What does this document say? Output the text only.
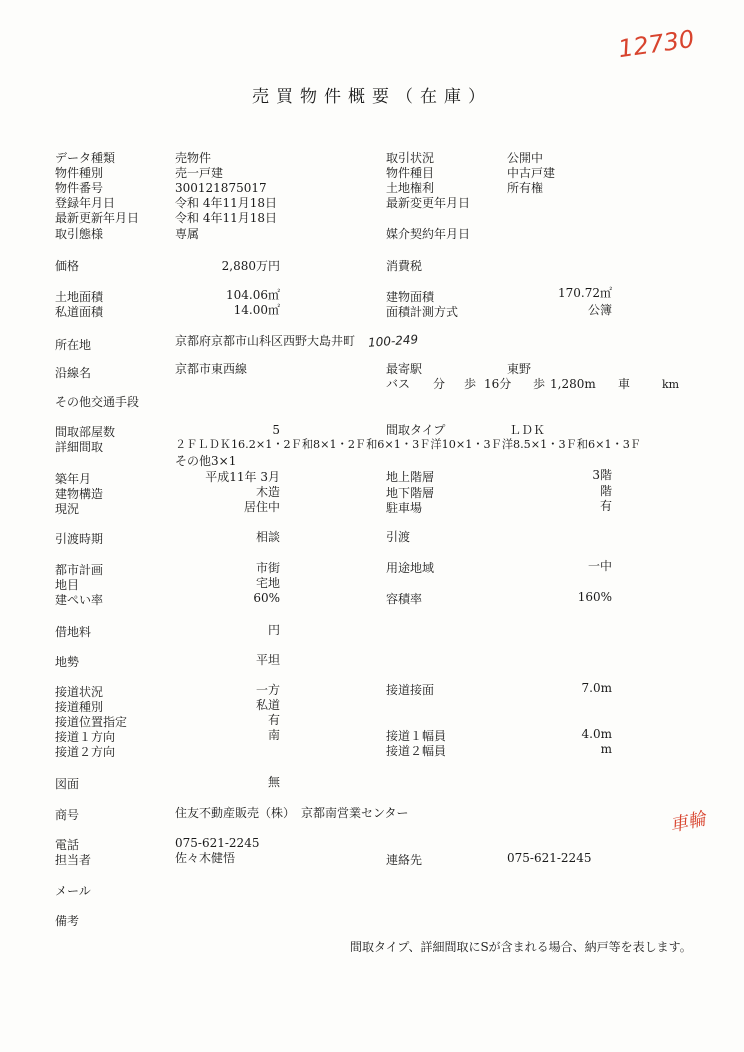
12730
車輪
売買物件概要（在庫）
データ種類	売物件
物件種別	売一戸建
物件番号	300121875017
登録年月日	令和 4年11月18日
最新更新年月日	令和 4年11月18日
取引態様	専属
取引状況	公開中
物件種目	中古戸建
土地権利	所有権
最新変更年月日
媒介契約年月日
価格	2,880万円	消費税
土地面積	104.06㎡
私道面積	14.00㎡
建物面積	170.72㎡
面積計測方式	公簿
所在地	京都府京都市山科区西野大島井町 100-249
沿線名	京都市東西線	最寄駅	東野
バス 分 歩 16分 歩 1,280m 車	km
その他交通手段
間取部屋数	5	間取タイプ	ＬＤＫ
詳細間取	２ＦＬＤＫ16.2×1・2Ｆ和8×1・2Ｆ和6×1・3Ｆ洋10×1・3Ｆ洋8.5×1・3Ｆ和6×1・3Ｆ
その他3×1
築年月	平成11年 3月
建物構造	木造
現況	居住中
地上階層	3階
地下階層	階
駐車場	有
引渡時期	相談	引渡
都市計画	市街
地目	宅地
建ぺい率	60%
用途地域	一中
容積率	160%
借地料	円
地勢	平坦
接道状況	一方
接道種別	私道
接道位置指定	有
接道１方向	南
接道２方向
接道接面	7.0m
接道１幅員	4.0m
接道２幅員	m
図面	無
商号	住友不動産販売（株）　京都南営業センター
電話	075-621-2245
担当者	佐々木健悟	連絡先	075-621-2245
メール
備考
間取タイプ、詳細間取にSが含まれる場合、納戸等を表します。
